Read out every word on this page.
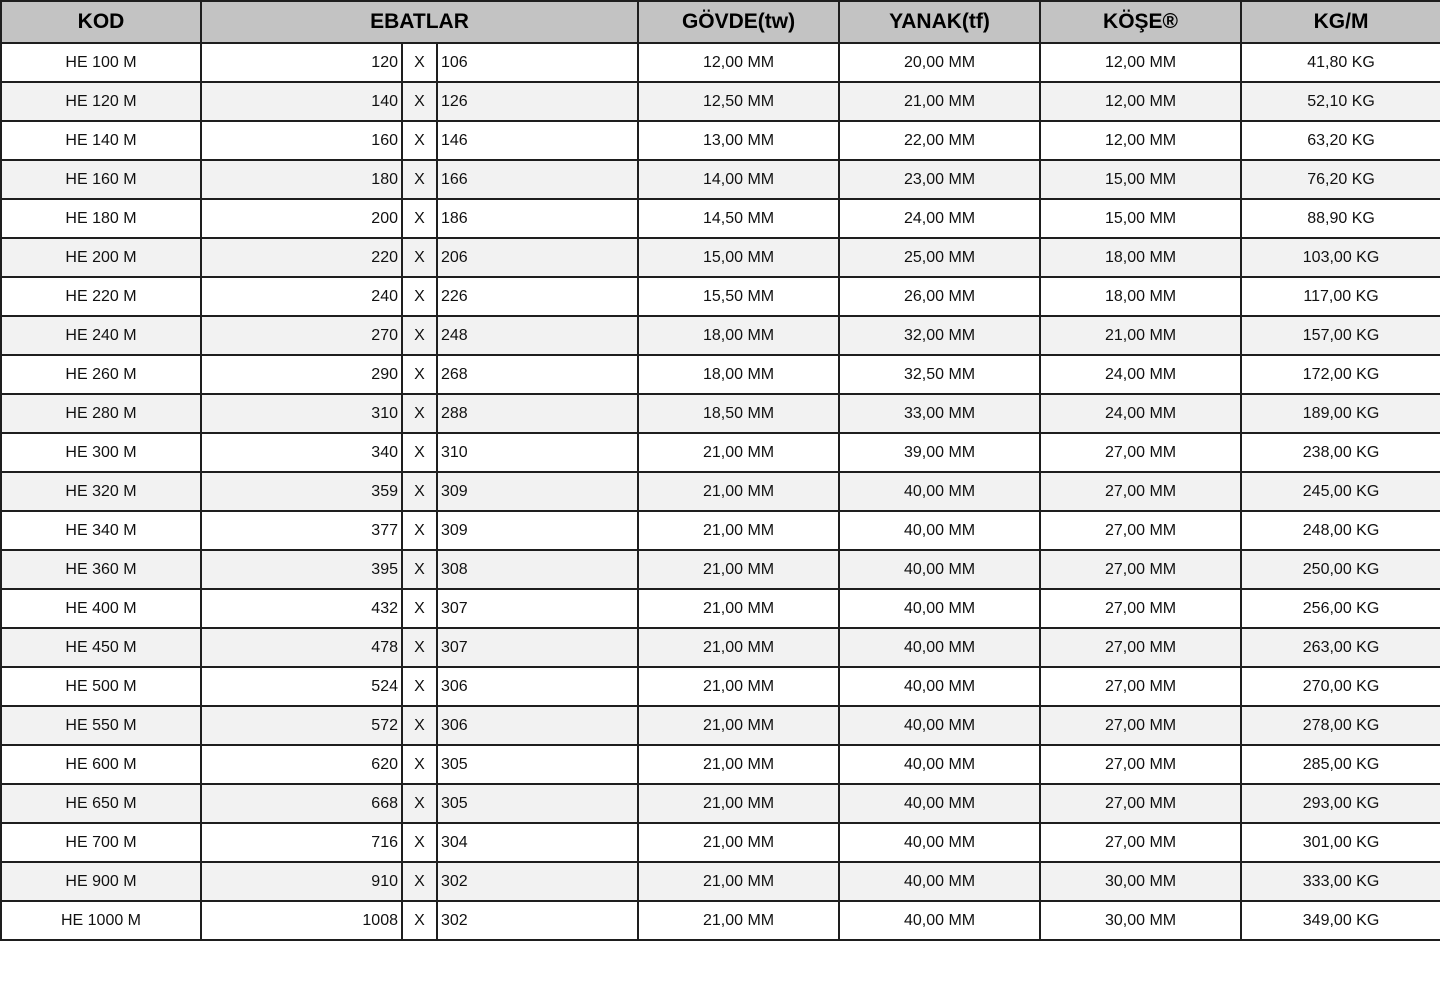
KOD	EBATLAR			GÖVDE(tw)	YANAK(tf)	KÖŞE®	KG/M
HE 100 M	120	X	106	12,00 MM	20,00 MM	12,00 MM	41,80 KG
HE 120 M	140	X	126	12,50 MM	21,00 MM	12,00 MM	52,10 KG
HE 140 M	160	X	146	13,00 MM	22,00 MM	12,00 MM	63,20 KG
HE 160 M	180	X	166	14,00 MM	23,00 MM	15,00 MM	76,20 KG
HE 180 M	200	X	186	14,50 MM	24,00 MM	15,00 MM	88,90 KG
HE 200 M	220	X	206	15,00 MM	25,00 MM	18,00 MM	103,00 KG
HE 220 M	240	X	226	15,50 MM	26,00 MM	18,00 MM	117,00 KG
HE 240 M	270	X	248	18,00 MM	32,00 MM	21,00 MM	157,00 KG
HE 260 M	290	X	268	18,00 MM	32,50 MM	24,00 MM	172,00 KG
HE 280 M	310	X	288	18,50 MM	33,00 MM	24,00 MM	189,00 KG
HE 300 M	340	X	310	21,00 MM	39,00 MM	27,00 MM	238,00 KG
HE 320 M	359	X	309	21,00 MM	40,00 MM	27,00 MM	245,00 KG
HE 340 M	377	X	309	21,00 MM	40,00 MM	27,00 MM	248,00 KG
HE 360 M	395	X	308	21,00 MM	40,00 MM	27,00 MM	250,00 KG
HE 400 M	432	X	307	21,00 MM	40,00 MM	27,00 MM	256,00 KG
HE 450 M	478	X	307	21,00 MM	40,00 MM	27,00 MM	263,00 KG
HE 500 M	524	X	306	21,00 MM	40,00 MM	27,00 MM	270,00 KG
HE 550 M	572	X	306	21,00 MM	40,00 MM	27,00 MM	278,00 KG
HE 600 M	620	X	305	21,00 MM	40,00 MM	27,00 MM	285,00 KG
HE 650 M	668	X	305	21,00 MM	40,00 MM	27,00 MM	293,00 KG
HE 700 M	716	X	304	21,00 MM	40,00 MM	27,00 MM	301,00 KG
HE 900 M	910	X	302	21,00 MM	40,00 MM	30,00 MM	333,00 KG
HE 1000 M	1008	X	302	21,00 MM	40,00 MM	30,00 MM	349,00 KG
